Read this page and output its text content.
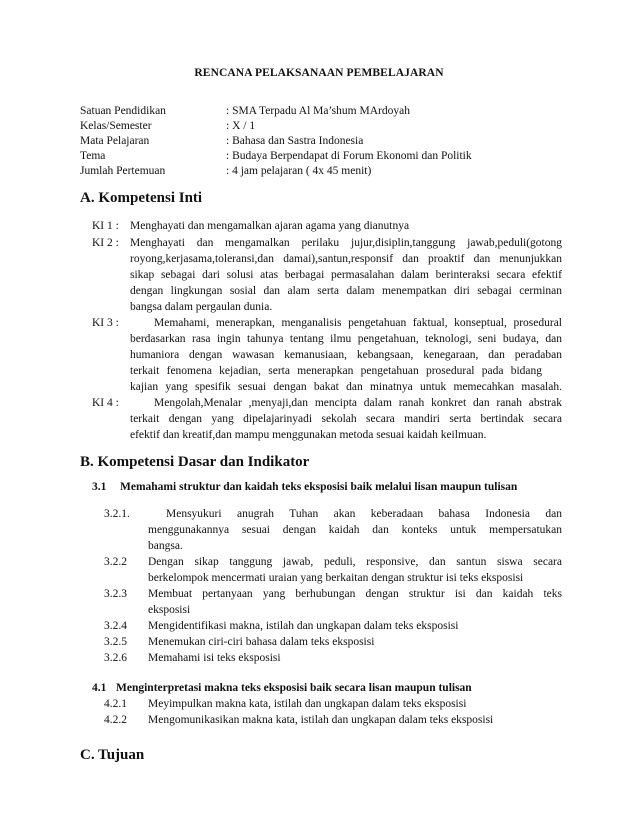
RENCANA PELAKSANAAN PEMBELAJARAN
Satuan Pendidikan	: SMA Terpadu Al Ma’shum MArdoyah
Kelas/Semester	: X / 1
Mata Pelajaran	: Bahasa dan Sastra Indonesia
Tema	: Budaya Berpendapat di Forum Ekonomi dan Politik
Jumlah Pertemuan	: 4 jam pelajaran ( 4x 45 menit)
A. Kompetensi Inti
KI 1 : Menghayati dan mengamalkan ajaran agama yang dianutnya
KI 2 : Menghayati dan mengamalkan perilaku jujur,disiplin,tanggung jawab,peduli(gotong
royong,kerjasama,toleransi,dan damai),santun,responsif dan proaktif dan menunjukkan
sikap sebagai dari solusi atas berbagai permasalahan dalam berinteraksi secara efektif
dengan lingkungan sosial dan alam serta dalam menempatkan diri sebagai cerminan
bangsa dalam pergaulan dunia.
KI 3 :	Memahami, menerapkan, menganalisis pengetahuan faktual, konseptual, prosedural
berdasarkan rasa ingin tahunya tentang ilmu pengetahuan, teknologi, seni budaya, dan
humaniora dengan wawasan kemanusiaan, kebangsaan, kenegaraan, dan peradaban
terkait fenomena kejadian, serta menerapkan pengetahuan prosedural pada bidang
kajian yang spesifik sesuai dengan bakat dan minatnya untuk memecahkan masalah.
KI 4 :	Mengolah,Menalar ,menyaji,dan mencipta dalam ranah konkret dan ranah abstrak
terkait dengan yang dipelajarinyadi sekolah secara mandiri serta bertindak secara
efektif dan kreatif,dan mampu menggunakan metoda sesuai kaidah keilmuan.
B. Kompetensi Dasar dan Indikator
3.1 Memahami struktur dan kaidah teks eksposisi baik melalui lisan maupun tulisan
3.2.1.	Mensyukuri anugrah Tuhan akan keberadaan bahasa Indonesia dan
menggunakannya sesuai dengan kaidah dan konteks untuk mempersatukan
bangsa.
3.2.2 Dengan sikap tanggung jawab, peduli, responsive, dan santun siswa secara
berkelompok mencermati uraian yang berkaitan dengan struktur isi teks eksposisi
3.2.3 Membuat pertanyaan yang berhubungan dengan struktur isi dan kaidah teks
eksposisi
3.2.4 Mengidentifikasi makna, istilah dan ungkapan dalam teks eksposisi
3.2.5 Menemukan ciri-ciri bahasa dalam teks eksposisi
3.2.6 Memahami isi teks eksposisi
4.1 Menginterpretasi makna teks eksposisi baik secara lisan maupun tulisan
4.2.1 Meyimpulkan makna kata, istilah dan ungkapan dalam teks eksposisi
4.2.2 Mengomunikasikan makna kata, istilah dan ungkapan dalam teks eksposisi
C. Tujuan
